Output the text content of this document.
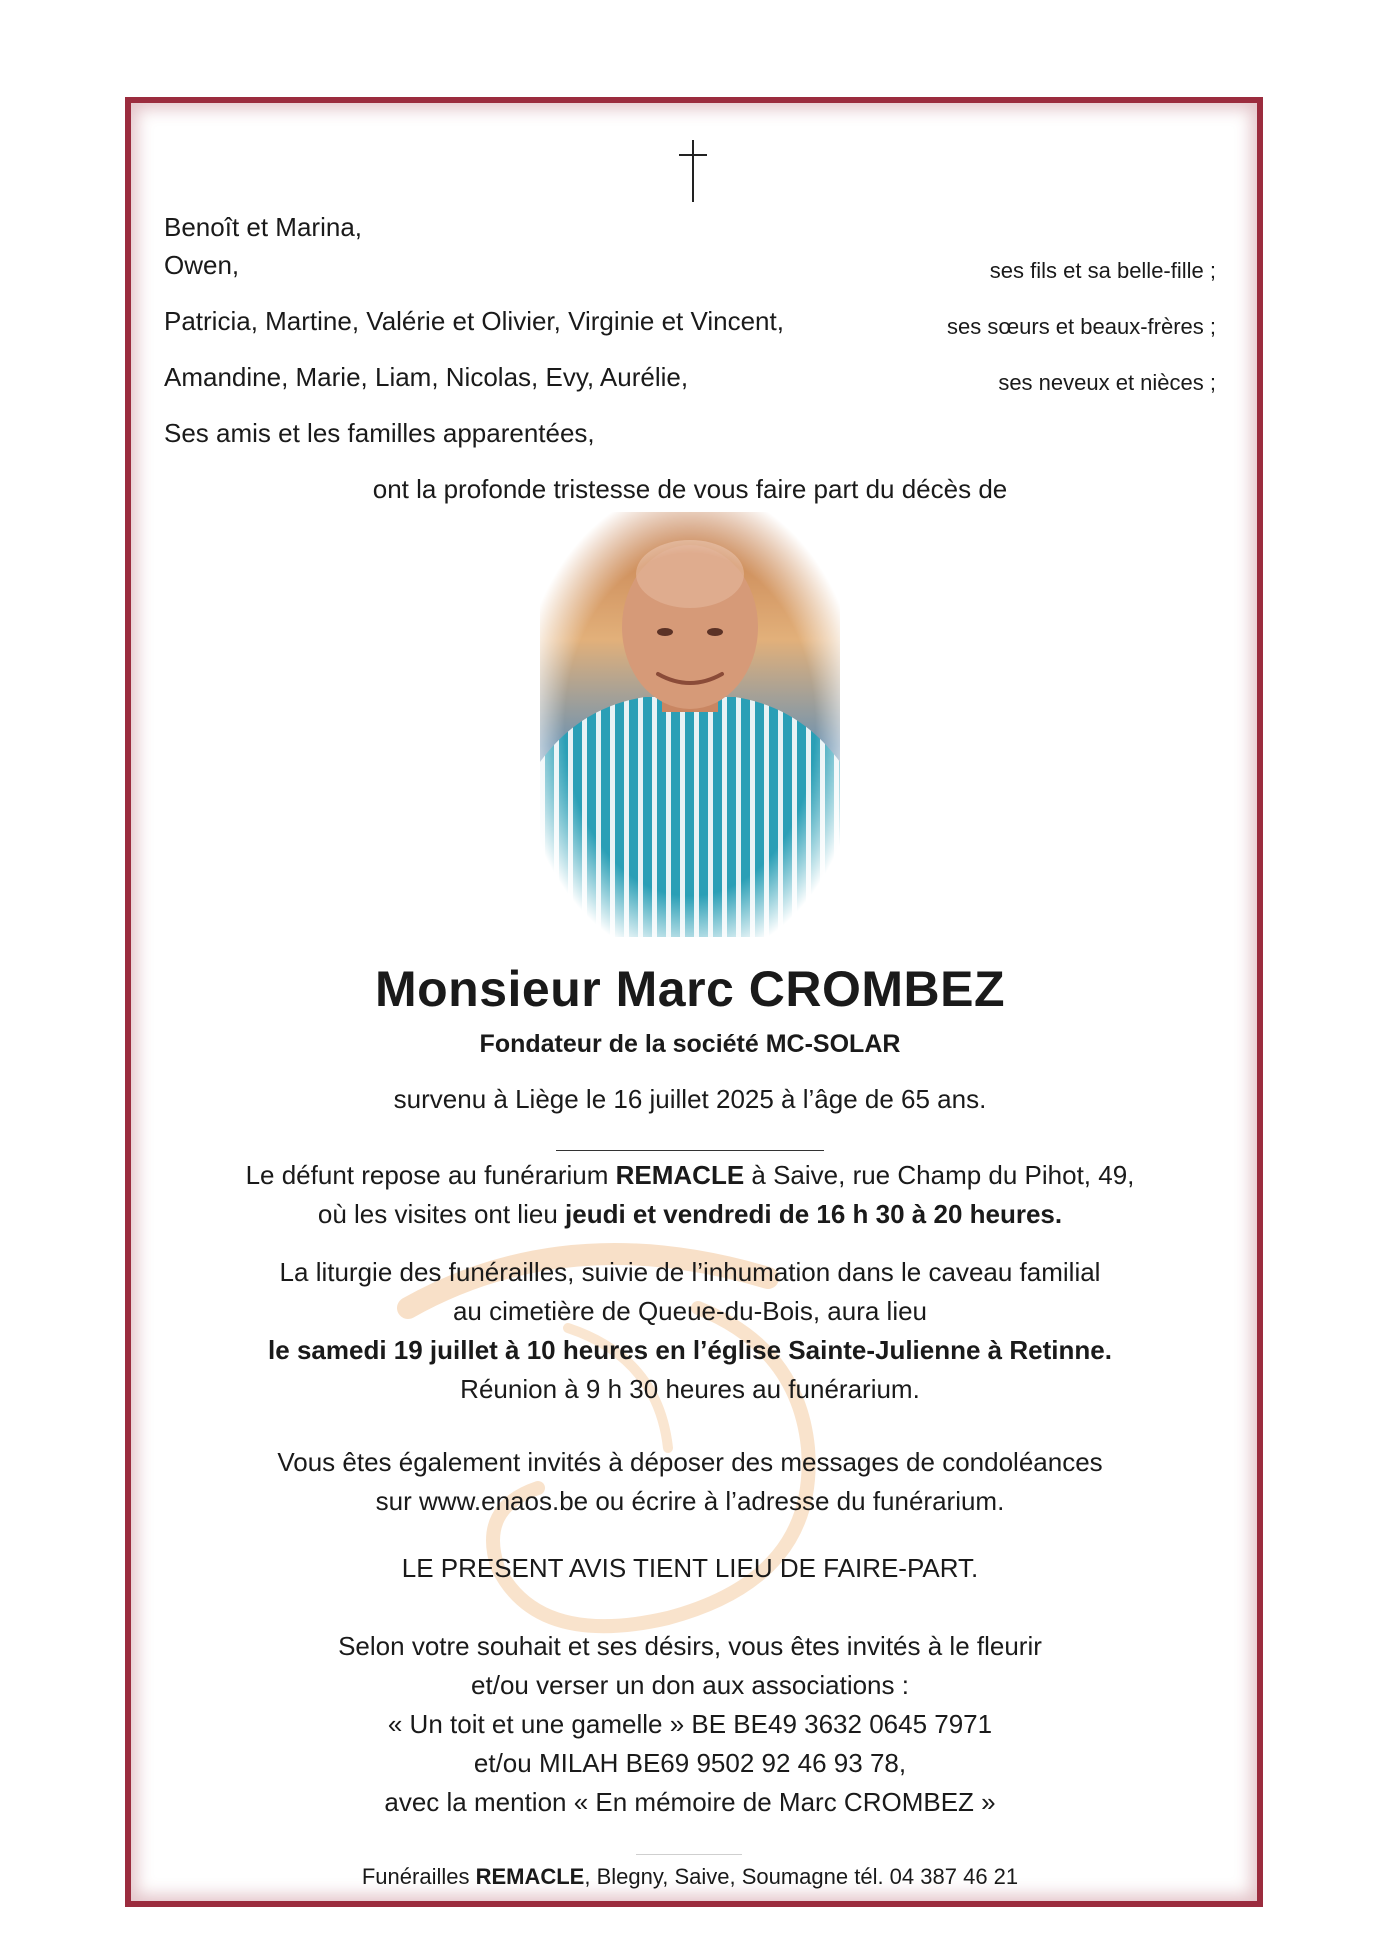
Benoît et Marina,
Owen,	ses fils et sa belle-fille ;
Patricia, Martine, Valérie et Olivier, Virginie et Vincent,	ses sœurs et beaux-frères ;
Amandine, Marie, Liam, Nicolas, Evy, Aurélie,	ses neveux et nièces ;
Ses amis et les familles apparentées,
ont la profonde tristesse de vous faire part du décès de
Monsieur Marc CROMBEZ
Fondateur de la société MC-SOLAR
survenu à Liège le 16 juillet 2025 à l’âge de 65 ans.
Le défunt repose au funérarium REMACLE à Saive, rue Champ du Pihot, 49,
où les visites ont lieu jeudi et vendredi de 16 h 30 à 20 heures.
La liturgie des funérailles, suivie de l’inhumation dans le caveau familial
au cimetière de Queue-du-Bois, aura lieu
le samedi 19 juillet à 10 heures en l’église Sainte-Julienne à Retinne.
Réunion à 9 h 30 heures au funérarium.
Vous êtes également invités à déposer des messages de condoléances
sur www.enaos.be ou écrire à l’adresse du funérarium.
LE PRESENT AVIS TIENT LIEU DE FAIRE-PART.
Selon votre souhait et ses désirs, vous êtes invités à le fleurir
et/ou verser un don aux associations :
« Un toit et une gamelle » BE BE49 3632 0645 7971
et/ou MILAH BE69 9502 92 46 93 78,
avec la mention « En mémoire de Marc CROMBEZ »
Funérailles REMACLE, Blegny, Saive, Soumagne tél. 04 387 46 21
